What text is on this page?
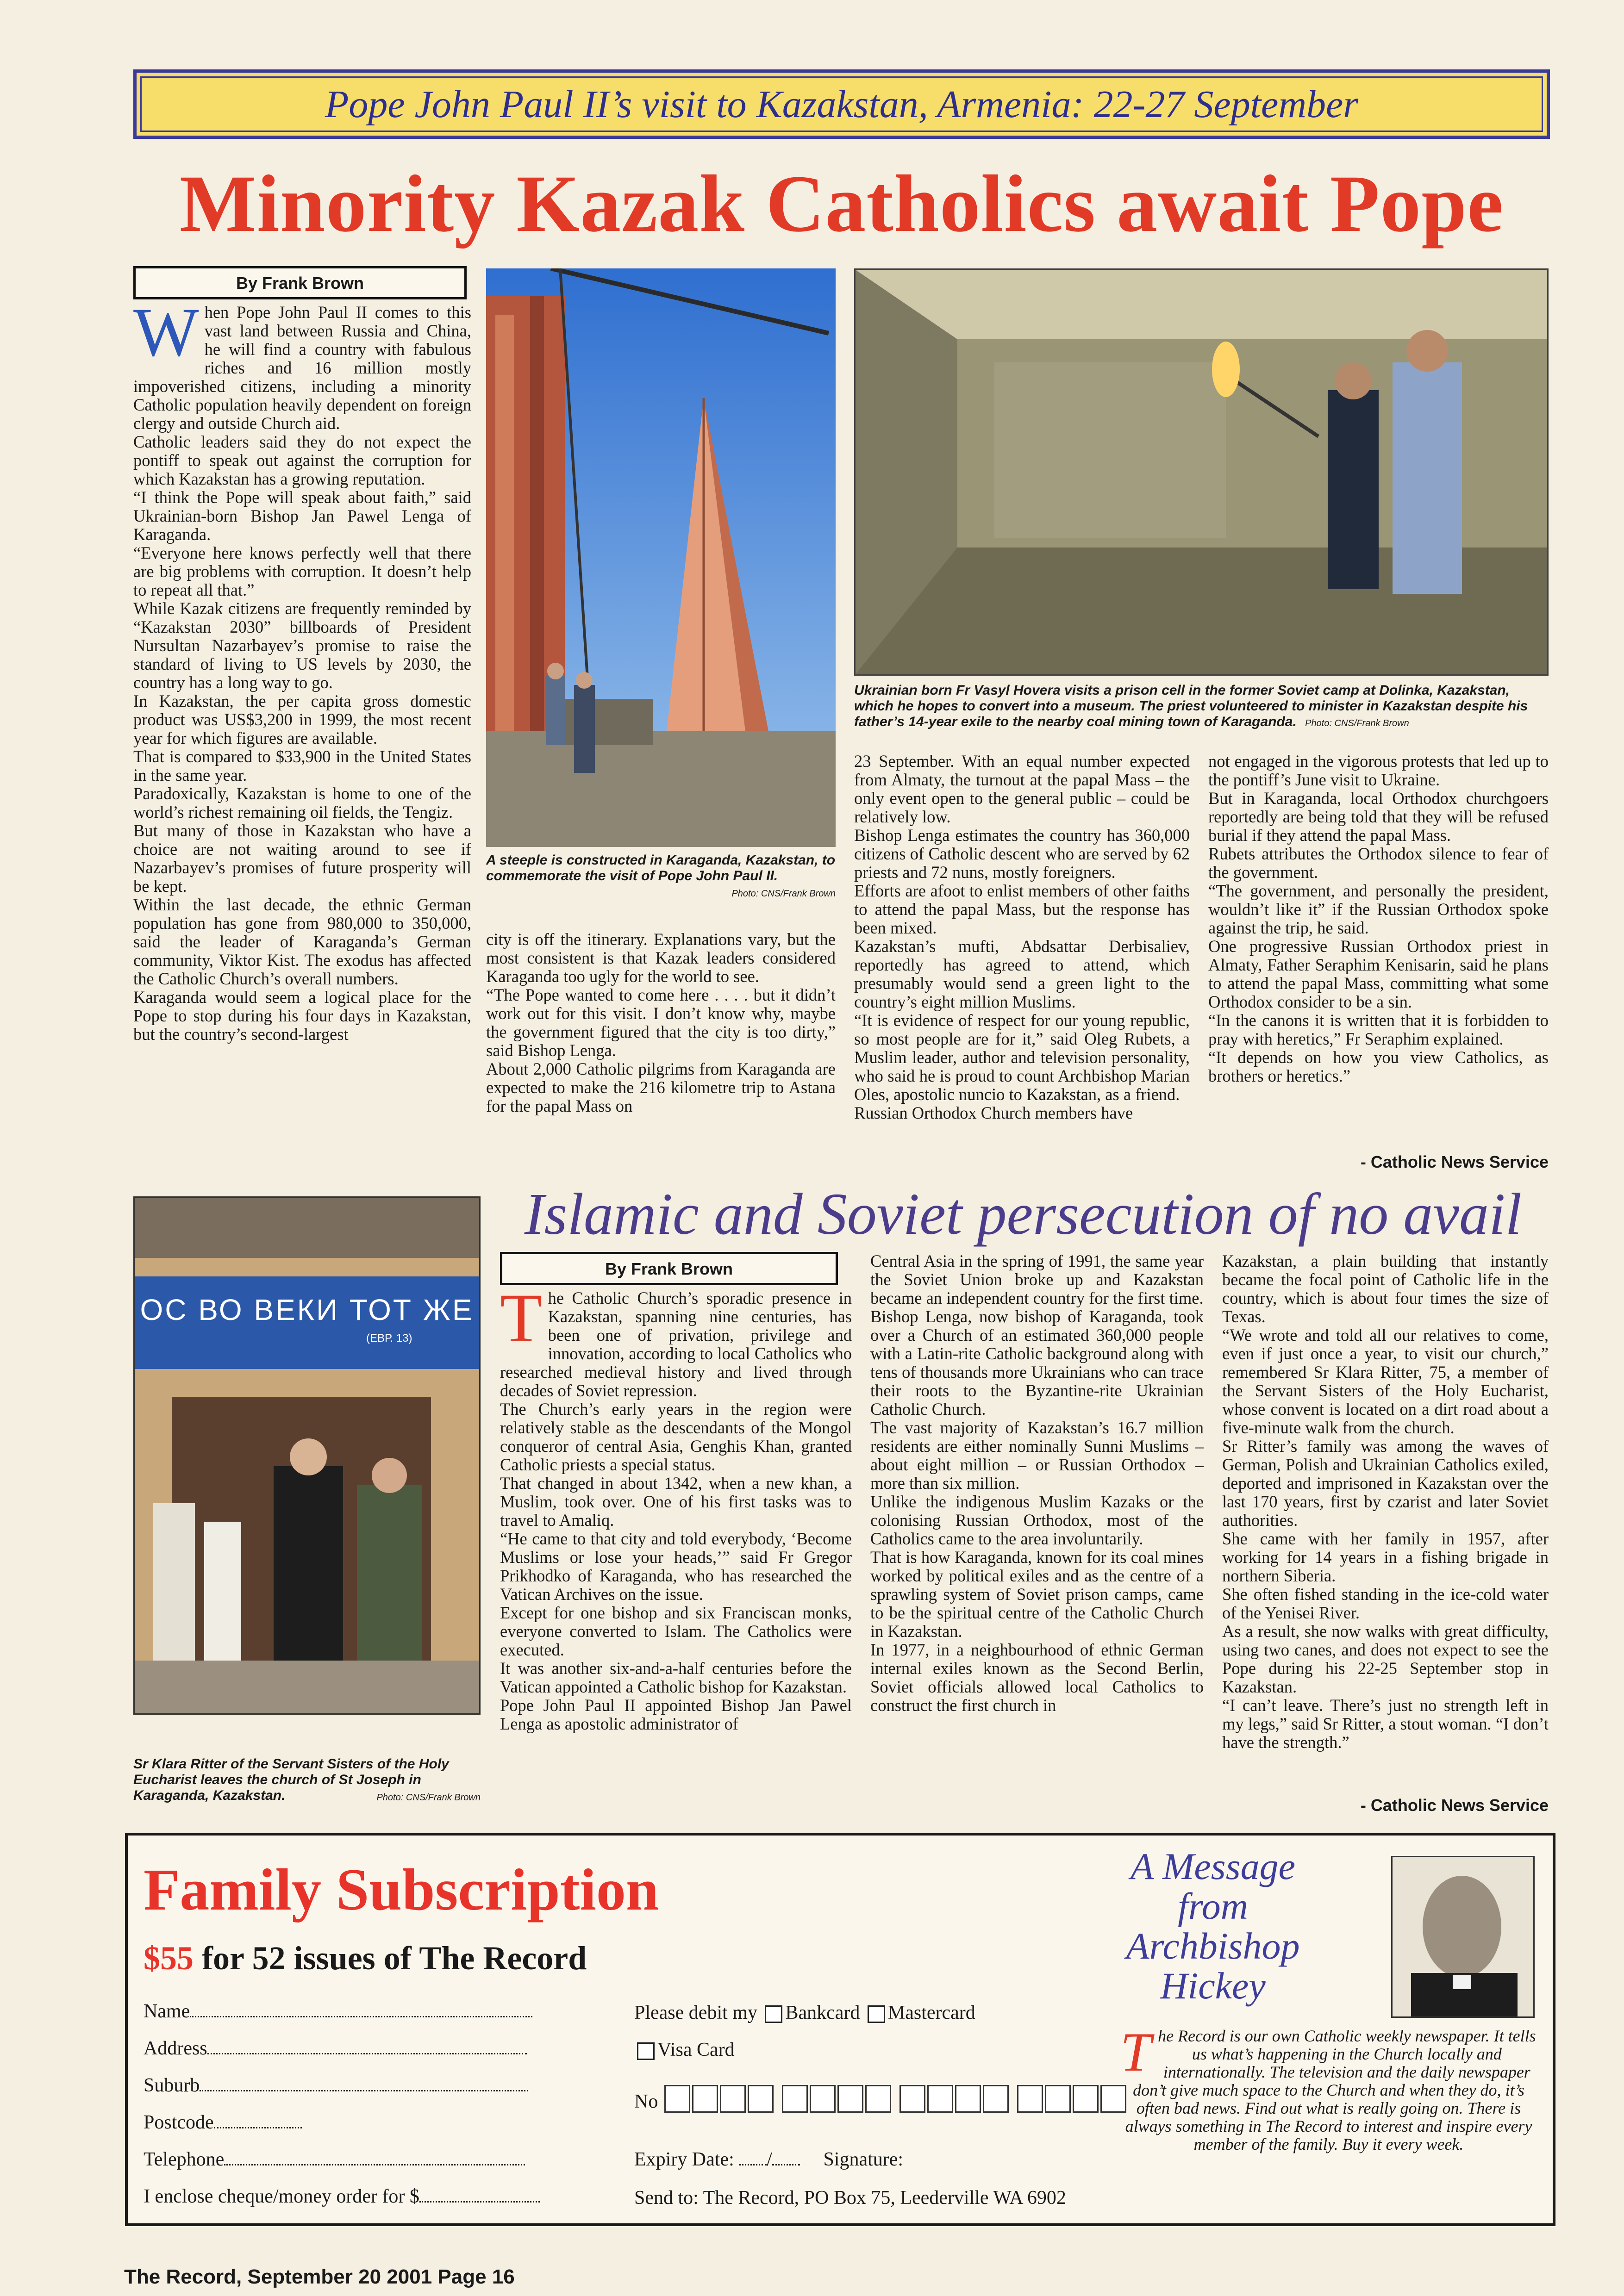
Pope John Paul II’s visit to Kazakstan, Armenia: 22-27 September
Minority Kazak Catholics await Pope
By Frank Brown
W hen Pope John Paul II comes to this vast land between Russia and China, he will find a country with fabulous riches and 16 million mostly impoverished citizens, including a minority Catholic population heavily dependent on foreign clergy and outside Church aid.

Catholic leaders said they do not expect the pontiff to speak out against the corruption for which Kazakstan has a growing reputation.

“I think the Pope will speak about faith,” said Ukrainian-born Bishop Jan Pawel Lenga of Karaganda.

“Everyone here knows perfectly well that there are big problems with corruption. It doesn’t help to repeat all that.”

While Kazak citizens are frequently reminded by “Kazakstan 2030” billboards of President Nursultan Nazarbayev’s promise to raise the standard of living to US levels by 2030, the country has a long way to go.

In Kazakstan, the per capita gross domestic product was US$3,200 in 1999, the most recent year for which figures are available.

That is compared to $33,900 in the United States in the same year.

Paradoxically, Kazakstan is home to one of the world’s richest remaining oil fields, the Tengiz.

But many of those in Kazakstan who have a choice are not waiting around to see if Nazarbayev’s promises of future prosperity will be kept.

Within the last decade, the ethnic German population has gone from 980,000 to 350,000, said the leader of Karaganda’s German community, Viktor Kist. The exodus has affected the Catholic Church’s overall numbers.

Karaganda would seem a logical place for the Pope to stop during his four days in Kazakstan, but the country’s second-largest

A steeple is constructed in Karaganda, Kazakstan, to commemorate the visit of Pope John Paul II.
Photo: CNS/Frank Brown

city is off the itinerary. Explanations vary, but the most consistent is that Kazak leaders considered Karaganda too ugly for the world to see.

“The Pope wanted to come here . . . . but it didn’t work out for this visit. I don’t know why, maybe the government figured that the city is too dirty,” said Bishop Lenga.

About 2,000 Catholic pilgrims from Karaganda are expected to make the 216 kilometre trip to Astana for the papal Mass on

Ukrainian born Fr Vasyl Hovera visits a prison cell in the former Soviet camp at Dolinka, Kazakstan, which he hopes to convert into a museum. The priest volunteered to minister in Kazakstan despite his father’s 14-year exile to the nearby coal mining town of Karaganda. Photo: CNS/Frank Brown

23 September. With an equal number expected from Almaty, the turnout at the papal Mass – the only event open to the general public – could be relatively low.

Bishop Lenga estimates the country has 360,000 citizens of Catholic descent who are served by 62 priests and 72 nuns, mostly foreigners.

Efforts are afoot to enlist members of other faiths to attend the papal Mass, but the response has been mixed.

Kazakstan’s mufti, Abdsattar Derbisaliev, reportedly has agreed to attend, which presumably would send a green light to the country’s eight million Muslims.

“It is evidence of respect for our young republic, so most people are for it,” said Oleg Rubets, a Muslim leader, author and television personality, who said he is proud to count Archbishop Marian Oles, apostolic nuncio to Kazakstan, as a friend.

Russian Orthodox Church members have

not engaged in the vigorous protests that led up to the pontiff’s June visit to Ukraine.

But in Karaganda, local Orthodox churchgoers reportedly are being told that they will be refused burial if they attend the papal Mass.

Rubets attributes the Orthodox silence to fear of the government.

“The government, and personally the president, wouldn’t like it” if the Russian Orthodox spoke against the trip, he said.

One progressive Russian Orthodox priest in Almaty, Father Seraphim Kenisarin, said he plans to attend the papal Mass, committing what some Orthodox consider to be a sin.

“In the canons it is written that it is forbidden to pray with heretics,” Fr Seraphim explained.

“It depends on how you view Catholics, as brothers or heretics.”

- Catholic News Service
ОС ВО ВЕКИ ТОТ ЖЕ
(ЕВР. 13)
Sr Klara Ritter of the Servant Sisters of the Holy Eucharist leaves the church of St Joseph in Karaganda, Kazakstan.	Photo: CNS/Frank Brown
Islamic and Soviet persecution of no avail
By Frank Brown
T he Catholic Church’s sporadic presence in Kazakstan, spanning nine centuries, has been one of privation, privilege and innovation, according to local Catholics who researched medieval history and lived through decades of Soviet repression.

The Church’s early years in the region were relatively stable as the descendants of the Mongol conqueror of central Asia, Genghis Khan, granted Catholic priests a special status.

That changed in about 1342, when a new khan, a Muslim, took over. One of his first tasks was to travel to Amaliq.

“He came to that city and told everybody, ‘Become Muslims or lose your heads,’” said Fr Gregor Prikhodko of Karaganda, who has researched the Vatican Archives on the issue.

Except for one bishop and six Franciscan monks, everyone converted to Islam. The Catholics were executed.

It was another six-and-a-half centuries before the Vatican appointed a Catholic bishop for Kazakstan.

Pope John Paul II appointed Bishop Jan Pawel Lenga as apostolic administrator of

Central Asia in the spring of 1991, the same year the Soviet Union broke up and Kazakstan became an independent country for the first time.

Bishop Lenga, now bishop of Karaganda, took over a Church of an estimated 360,000 people with a Latin-rite Catholic background along with tens of thousands more Ukrainians who can trace their roots to the Byzantine-rite Ukrainian Catholic Church.

The vast majority of Kazakstan’s 16.7 million residents are either nominally Sunni Muslims – about eight million – or Russian Orthodox – more than six million.

Unlike the indigenous Muslim Kazaks or the colonising Russian Orthodox, most of the Catholics came to the area involuntarily.

That is how Karaganda, known for its coal mines worked by political exiles and as the centre of a sprawling system of Soviet prison camps, came to be the spiritual centre of the Catholic Church in Kazakstan.

In 1977, in a neighbourhood of ethnic German internal exiles known as the Second Berlin, Soviet officials allowed local Catholics to construct the first church in

Kazakstan, a plain building that instantly became the focal point of Catholic life in the country, which is about four times the size of Texas.

“We wrote and told all our relatives to come, even if just once a year, to visit our church,” remembered Sr Klara Ritter, 75, a member of the Servant Sisters of the Holy Eucharist, whose convent is located on a dirt road about a five-minute walk from the church.

Sr Ritter’s family was among the waves of German, Polish and Ukrainian Catholics exiled, deported and imprisoned in Kazakstan over the last 170 years, first by czarist and later Soviet authorities.

She came with her family in 1957, after working for 14 years in a fishing brigade in northern Siberia.

She often fished standing in the ice-cold water of the Yenisei River.

As a result, she now walks with great difficulty, using two canes, and does not expect to see the Pope during his 22-25 September stop in Kazakstan.

“I can’t leave. There’s just no strength left in my legs,” said Sr Ritter, a stout woman. “I don’t have the strength.”

- Catholic News Service
Family Subscription
$55 for 52 issues of The Record
Name
Address
Suburb
Postcode
Telephone
I enclose cheque/money order for $
Please debit my Bankcard Mastercard
Visa Card
No
Expiry Date: /	Signature:
Send to: The Record, PO Box 75, Leederville WA 6902
A Message
from
Archbishop
Hickey
The Record is our own Catholic weekly newspaper. It tells us what’s happening in the Church locally and internationally. The television and the daily newspaper don’t give much space to the Church and when they do, it’s often bad news. Find out what is really going on. There is always something in The Record to interest and inspire every member of the family. Buy it every week.
The Record, September 20 2001 Page 16
